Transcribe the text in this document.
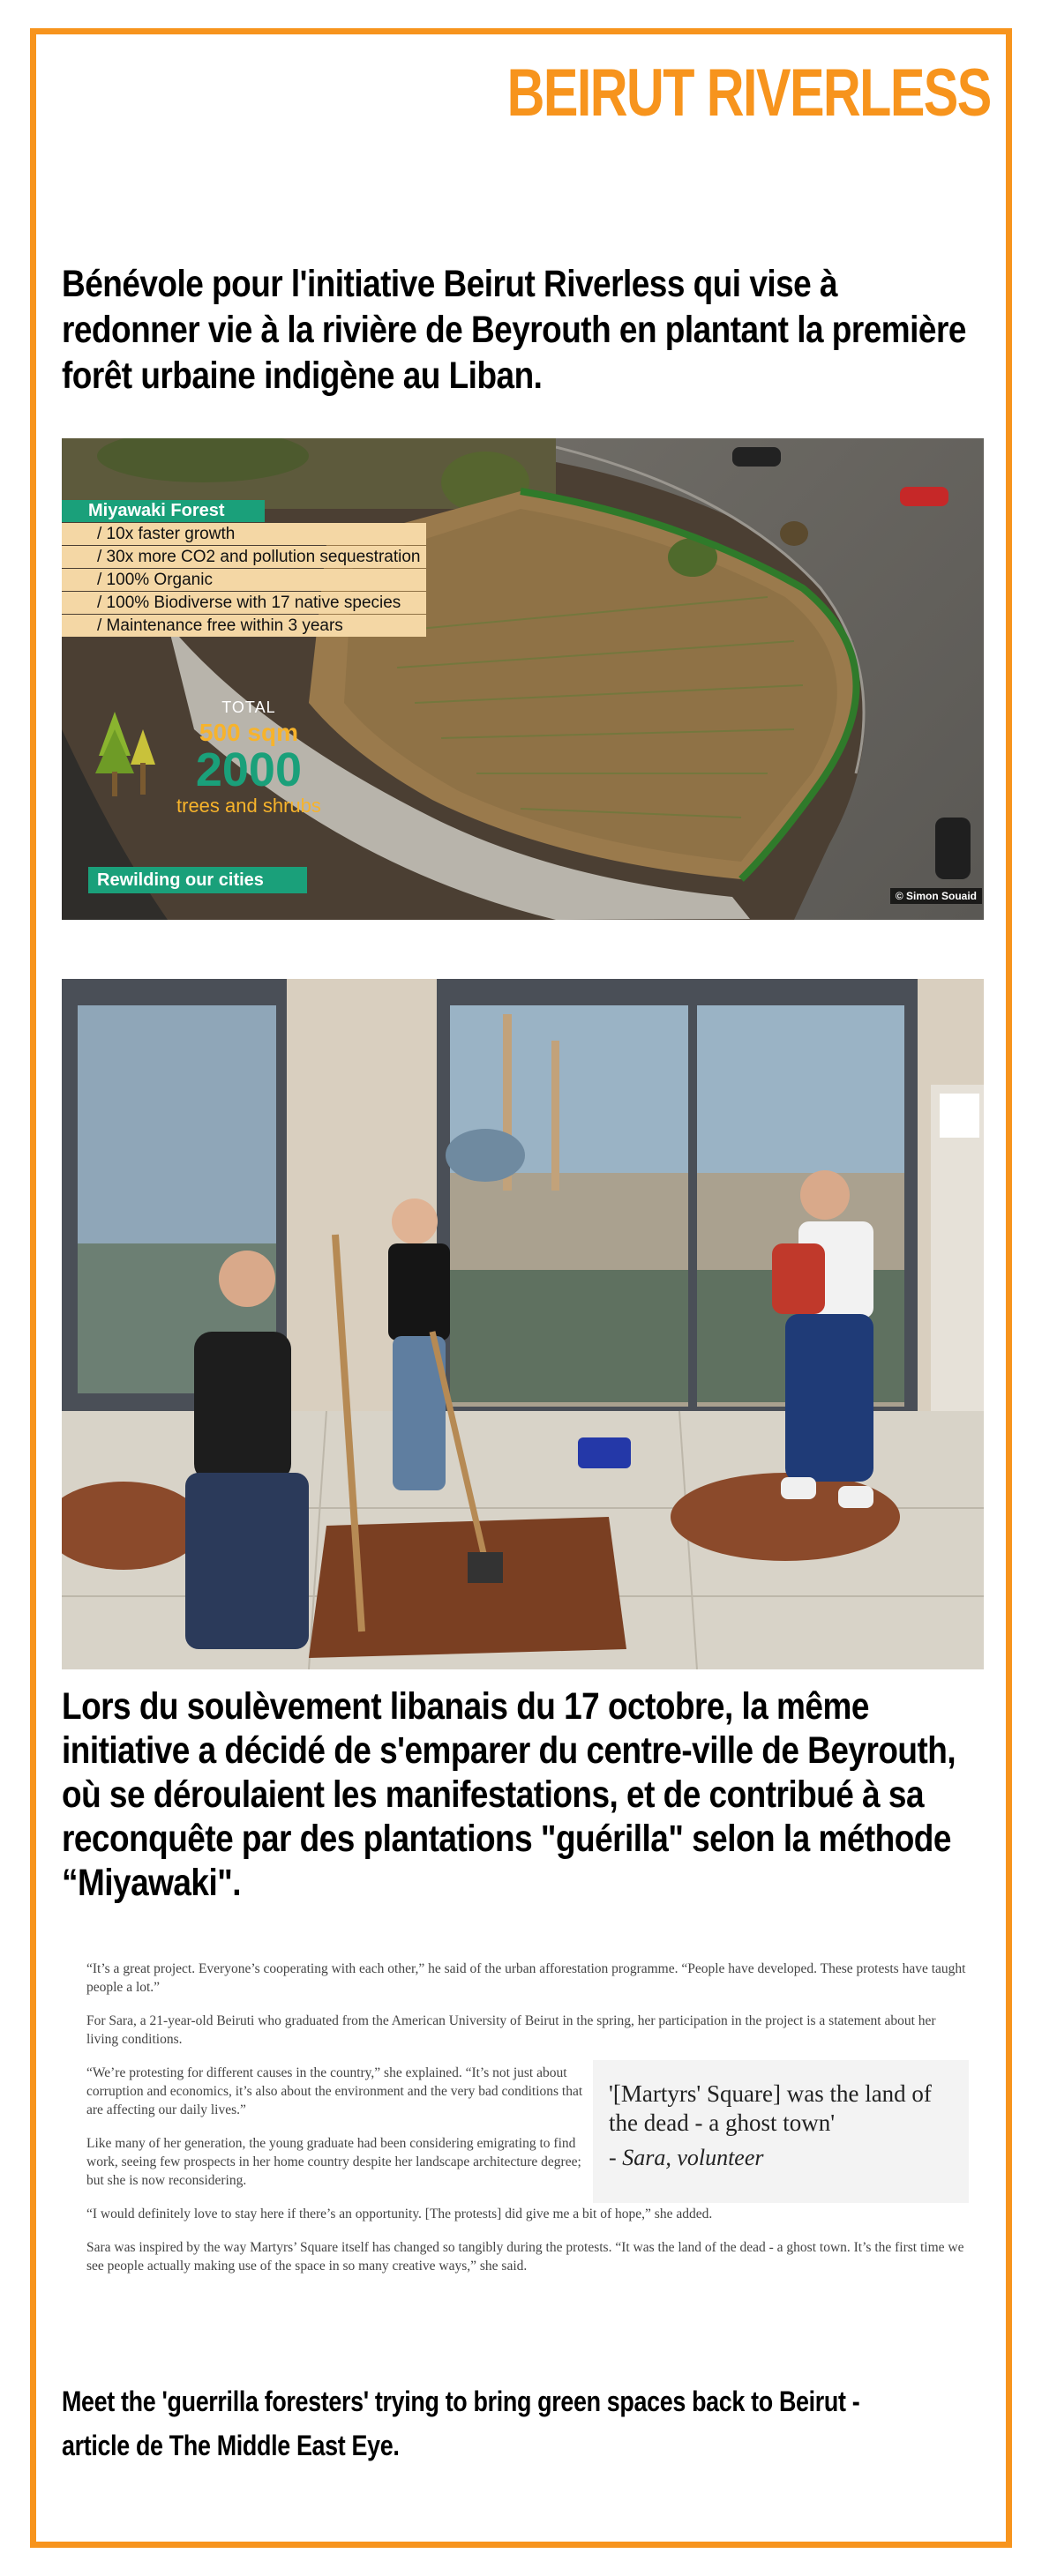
BEIRUT RIVERLESS

Bénévole pour l'initiative Beirut Riverless qui vise à redonner vie à la rivière de Beyrouth en plantant la première forêt urbaine indigène au Liban.

Miyawaki Forest
/ 10x faster growth
/ 30x more CO2 and pollution sequestration
/ 100% Organic
/ 100% Biodiverse with 17 native species
/ Maintenance free within 3 years
TOTAL
500 sqm
2000
trees and shrubs
Rewilding our cities
© Simon Souaid

Lors du soulèvement libanais du 17 octobre, la même initiative a décidé de s'emparer du centre-ville de Beyrouth, où se déroulaient les manifestations, et de contribué à sa reconquête par des plantations "guérilla" selon la méthode “Miyawaki".

“It’s a great project. Everyone’s cooperating with each other,” he said of the urban afforestation programme. “People have developed. These protests have taught people a lot.”

For Sara, a 21-year-old Beiruti who graduated from the American University of Beirut in the spring, her participation in the project is a statement about her living conditions.

“We’re protesting for different causes in the country,” she explained. “It’s not just about corruption and economics, it’s also about the environment and the very bad conditions that are affecting our daily lives.”

Like many of her generation, the young graduate had been considering emigrating to find work, seeing few prospects in her home country despite her landscape architecture degree; but she is now reconsidering.

'[Martyrs' Square] was the land of the dead - a ghost town'
- Sara, volunteer

“I would definitely love to stay here if there’s an opportunity. [The protests] did give me a bit of hope,” she added.

Sara was inspired by the way Martyrs’ Square itself has changed so tangibly during the protests. “It was the land of the dead - a ghost town. It’s the first time we see people actually making use of the space in so many creative ways,” she said.

Meet the 'guerrilla foresters' trying to bring green spaces back to Beirut -
article de The Middle East Eye.
